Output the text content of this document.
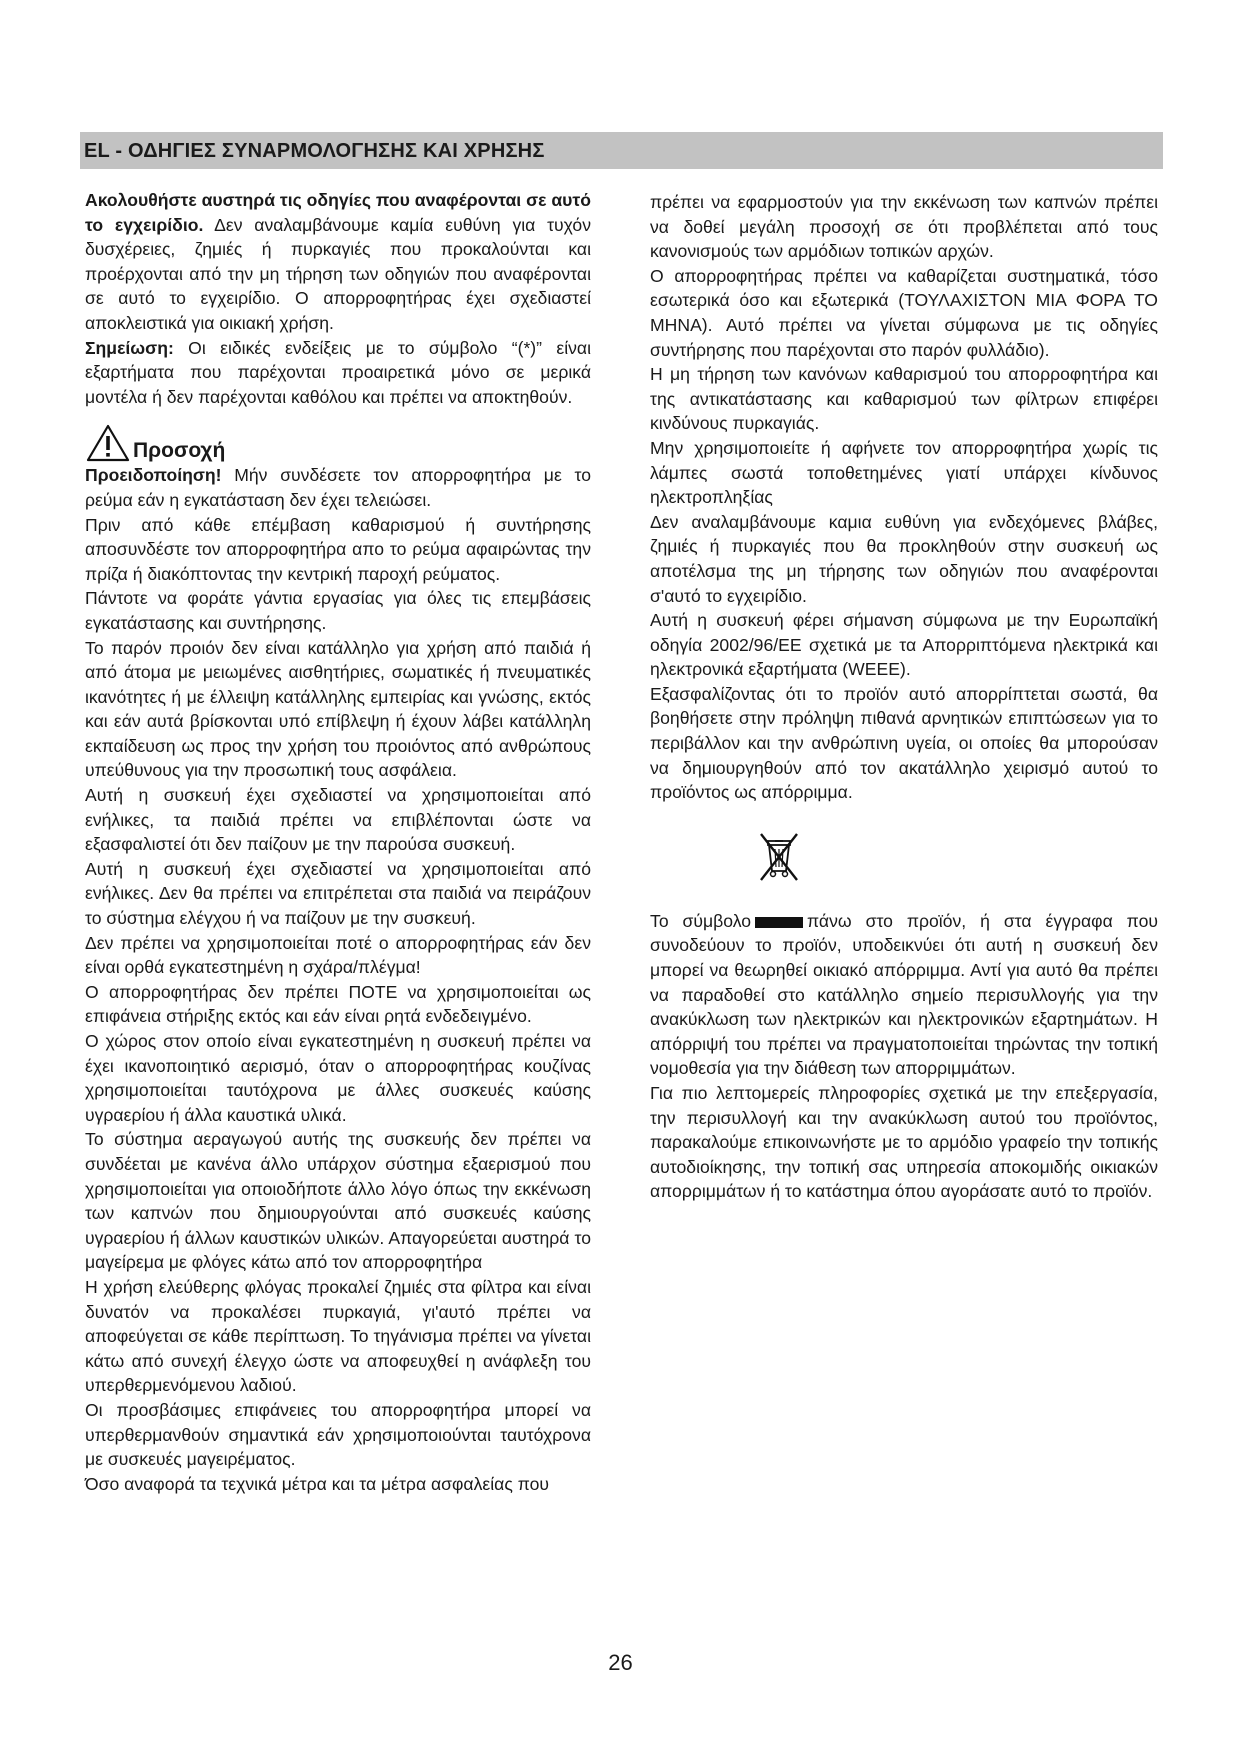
EL - ΟΔΗΓΙΕΣ ΣΥΝΑΡΜΟΛΟΓΗΣΗΣ ΚΑΙ ΧΡΗΣΗΣ

Ακολουθήστε αυστηρά τις οδηγίες που αναφέρονται σε αυτό το εγχειρίδιο. Δεν αναλαμβάνουμε καμία ευθύνη για τυχόν δυσχέρειες, ζημιές ή πυρκαγιές που προκαλούνται και προέρχονται από την μη τήρηση των οδηγιών που αναφέρονται σε αυτό το εγχειρίδιο. Ο απορροφητήρας έχει σχεδιαστεί αποκλειστικά για οικιακή χρήση.

Σημείωση: Οι ειδικές ενδείξεις με το σύμβολο “(*)” είναι εξαρτήματα που παρέχονται προαιρετικά μόνο σε μερικά μοντέλα ή δεν παρέχονται καθόλου και πρέπει να αποκτηθούν.

Προσοχή

Προειδοποίηση! Μήν συνδέσετε τον απορροφητήρα με το ρεύμα εάν η εγκατάσταση δεν έχει τελειώσει.

Πριν από κάθε επέμβαση καθαρισμού ή συντήρησης αποσυνδέστε τον απορροφητήρα απο το ρεύμα αφαιρώντας την πρίζα ή διακόπτοντας την κεντρική παροχή ρεύματος.

Πάντοτε να φοράτε γάντια εργασίας για όλες τις επεμβάσεις εγκατάστασης και συντήρησης.

Το παρόν προιόν δεν είναι κατάλληλο για χρήση από παιδιά ή από άτομα με μειωμένες αισθητήριες, σωματικές ή πνευματικές ικανότητες ή με έλλειψη κατάλληλης εμπειρίας και γνώσης, εκτός και εάν αυτά βρίσκονται υπό επίβλεψη ή έχουν λάβει κατάλληλη εκπαίδευση ως προς την χρήση του προιόντος από ανθρώπους υπεύθυνους για την προσωπική τους ασφάλεια.

Αυτή η συσκευή έχει σχεδιαστεί να χρησιμοποιείται από ενήλικες, τα παιδιά πρέπει να επιβλέπονται ώστε να εξασφαλιστεί ότι δεν παίζουν με την παρούσα συσκευή.

Αυτή η συσκευή έχει σχεδιαστεί να χρησιμοποιείται από ενήλικες. Δεν θα πρέπει να επιτρέπεται στα παιδιά να πειράζουν το σύστημα ελέγχου ή να παίζουν με την συσκευή.

Δεν πρέπει να χρησιμοποιείται ποτέ ο απορροφητήρας εάν δεν είναι ορθά εγκατεστημένη η σχάρα/πλέγμα!

Ο απορροφητήρας δεν πρέπει ΠΟΤΕ να χρησιμοποιείται ως επιφάνεια στήριξης εκτός και εάν είναι ρητά ενδεδειγμένο.

Ο χώρος στον οποίο είναι εγκατεστημένη η συσκευή πρέπει να έχει ικανοποιητικό αερισμό, όταν ο απορροφητήρας κουζίνας χρησιμοποιείται ταυτόχρονα με άλλες συσκευές καύσης υγραερίου ή άλλα καυστικά υλικά.

Το σύστημα αεραγωγού αυτής της συσκευής δεν πρέπει να συνδέεται με κανένα άλλο υπάρχον σύστημα εξαερισμού που χρησιμοποιείται για οποιοδήποτε άλλο λόγο όπως την εκκένωση των καπνών που δημιουργούνται από συσκευές καύσης υγραερίου ή άλλων καυστικών υλικών. Απαγορεύεται αυστηρά το μαγείρεμα με φλόγες κάτω από τον απορροφητήρα

Η χρήση ελεύθερης φλόγας προκαλεί ζημιές στα φίλτρα και είναι δυνατόν να προκαλέσει πυρκαγιά, γι'αυτό πρέπει να αποφεύγεται σε κάθε περίπτωση. Το τηγάνισμα πρέπει να γίνεται κάτω από συνεχή έλεγχο ώστε να αποφευχθεί η ανάφλεξη του υπερθερμενόμενου λαδιού.

Οι προσβάσιμες επιφάνειες του απορροφητήρα μπορεί να υπερθερμανθούν σημαντικά εάν χρησιμοποιούνται ταυτόχρονα με συσκευές μαγειρέματος.

Όσο αναφορά τα τεχνικά μέτρα και τα μέτρα ασφαλείας που

πρέπει να εφαρμοστούν για την εκκένωση των καπνών πρέπει να δοθεί μεγάλη προσοχή σε ότι προβλέπεται από τους κανονισμούς των αρμόδιων τοπικών αρχών.

Ο απορροφητήρας πρέπει να καθαρίζεται συστηματικά, τόσο εσωτερικά όσο και εξωτερικά (ΤΟΥΛΑΧΙΣΤΟΝ ΜΙΑ ΦΟΡΑ ΤΟ ΜΗΝΑ). Αυτό πρέπει να γίνεται σύμφωνα με τις οδηγίες συντήρησης που παρέχονται στο παρόν φυλλάδιο).

Η μη τήρηση των κανόνων καθαρισμού του απορροφητήρα και της αντικατάστασης και καθαρισμού των φίλτρων επιφέρει κινδύνους πυρκαγιάς.

Μην χρησιμοποιείτε ή αφήνετε τον απορροφητήρα χωρίς τις λάμπες σωστά τοποθετημένες γιατί υπάρχει κίνδυνος ηλεκτροπληξίας

Δεν αναλαμβάνουμε καμια ευθύνη για ενδεχόμενες βλάβες, ζημιές ή πυρκαγιές που θα προκληθούν στην συσκευή ως αποτέλσμα της μη τήρησης των οδηγιών που αναφέρονται σ'αυτό το εγχειρίδιο.

Αυτή η συσκευή φέρει σήμανση σύμφωνα με την Ευρωπαϊκή οδηγία 2002/96/ΕΕ σχετικά με τα Απορριπτόμενα ηλεκτρικά και ηλεκτρονικά εξαρτήματα (WEEE).

Εξασφαλίζοντας ότι το προϊόν αυτό απορρίπτεται σωστά, θα βοηθήσετε στην πρόληψη πιθανά αρνητικών επιπτώσεων για το περιβάλλον και την ανθρώπινη υγεία, οι οποίες θα μπορούσαν να δημιουργηθούν από τον ακατάλληλο χειρισμό αυτού το προϊόντος ως απόρριμμα.

Το σύμβολο	πάνω στο προϊόν, ή στα έγγραφα που συνοδεύουν το προϊόν, υποδεικνύει ότι αυτή η συσκευή δεν μπορεί να θεωρηθεί οικιακό απόρριμμα. Αντί για αυτό θα πρέπει να παραδοθεί στο κατάλληλο σημείο περισυλλογής για την ανακύκλωση των ηλεκτρικών και ηλεκτρονικών εξαρτημάτων. Η απόρριψή του πρέπει να πραγματοποιείται τηρώντας την τοπική νομοθεσία για την διάθεση των απορριμμάτων.

Για πιο λεπτομερείς πληροφορίες σχετικά με την επεξεργασία, την περισυλλογή και την ανακύκλωση αυτού του προϊόντος, παρακαλούμε επικοινωνήστε με το αρμόδιο γραφείο την τοπικής αυτοδιοίκησης, την τοπική σας υπηρεσία αποκομιδής οικιακών απορριμμάτων ή το κατάστημα όπου αγοράσατε αυτό το προϊόν.

26
